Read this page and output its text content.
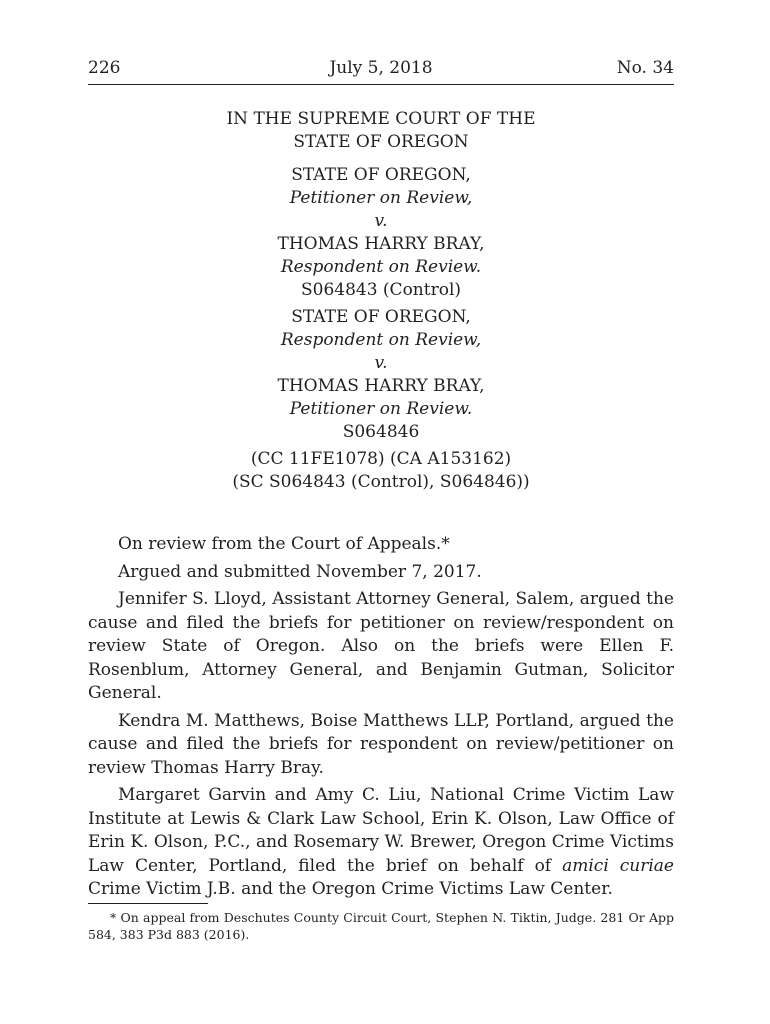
226	July 5, 2018	No. 34
IN THE SUPREME COURT OF THE
STATE OF OREGON
STATE OF OREGON,
Petitioner on Review,
v.
THOMAS HARRY BRAY,
Respondent on Review.
S064843 (Control)
STATE OF OREGON,
Respondent on Review,
v.
THOMAS HARRY BRAY,
Petitioner on Review.
S064846
(CC 11FE1078) (CA A153162)
(SC S064843 (Control), S064846))

On review from the Court of Appeals.*

Argued and submitted November 7, 2017.

Jennifer S. Lloyd, Assistant Attorney General, Salem, argued the cause and filed the briefs for petitioner on review/respondent on review State of Oregon. Also on the briefs were Ellen F. Rosenblum, Attorney General, and Benjamin Gutman, Solicitor General.

Kendra M. Matthews, Boise Matthews LLP, Portland, argued the cause and filed the briefs for respondent on review/petitioner on review Thomas Harry Bray.

Margaret Garvin and Amy C. Liu, National Crime Victim Law Institute at Lewis & Clark Law School, Erin K. Olson, Law Office of Erin K. Olson, P.C., and Rosemary W. Brewer, Oregon Crime Victims Law Center, Portland, filed the brief on behalf of amici curiae Crime Victim J.B. and the Oregon Crime Victims Law Center.

* On appeal from Deschutes County Circuit Court, Stephen N. Tiktin, Judge. 281 Or App 584, 383 P3d 883 (2016).
